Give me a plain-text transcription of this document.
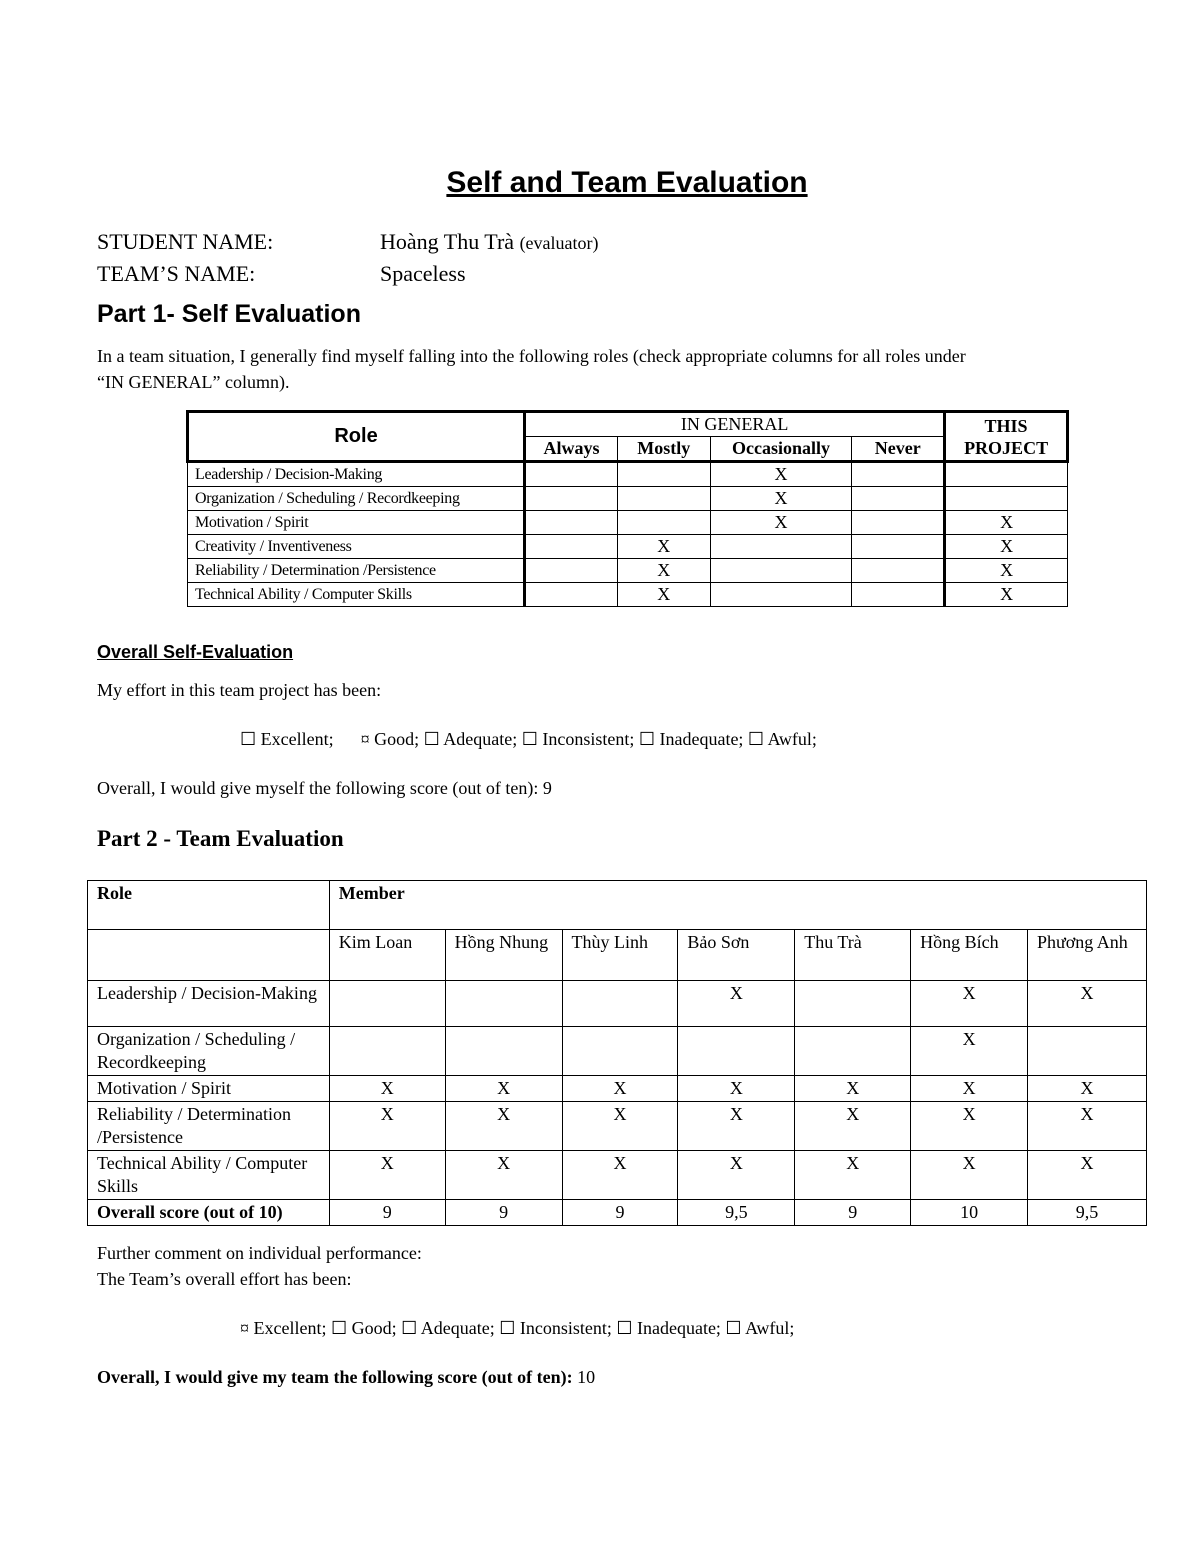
Self and Team Evaluation
STUDENT NAME:	Hoàng Thu Trà (evaluator)
TEAM’S NAME:	Spaceless
Part 1- Self Evaluation
In a team situation, I generally find myself falling into the following roles (check appropriate columns for all roles under
“IN GENERAL” column).
Role	IN GENERAL				THIS
PROJECT

	Always	Mostly	Occasionally	Never	
Leadership / Decision-Making			X		
Organization / Scheduling / Recordkeeping			X		
Motivation / Spirit			X		X
Creativity / Inventiveness		X			X
Reliability / Determination /Persistence		X			X
Technical Ability / Computer Skills		X			X
Overall Self-Evaluation
My effort in this team project has been:
☐ Excellent;      ¤ Good; ☐ Adequate; ☐ Inconsistent; ☐ Inadequate; ☐ Awful;
Overall, I would give myself the following score (out of ten): 9
Part 2 - Team Evaluation
Role	Member						
	Kim Loan	Hồng Nhung	Thùy Linh	Bảo Sơn	Thu Trà	Hồng Bích	Phương Anh
Leadership / Decision-Making				X		X	X
Organization / Scheduling / Recordkeeping						X	
Motivation / Spirit	X	X	X	X	X	X	X
Reliability / Determination /Persistence	X	X	X	X	X	X	X
Technical Ability / Computer Skills	X	X	X	X	X	X	X
Overall score (out of 10)	9	9	9	9,5	9	10	9,5
Further comment on individual performance:
The Team’s overall effort has been:
¤ Excellent; ☐ Good; ☐ Adequate; ☐ Inconsistent; ☐ Inadequate; ☐ Awful;
Overall, I would give my team the following score (out of ten): 10
